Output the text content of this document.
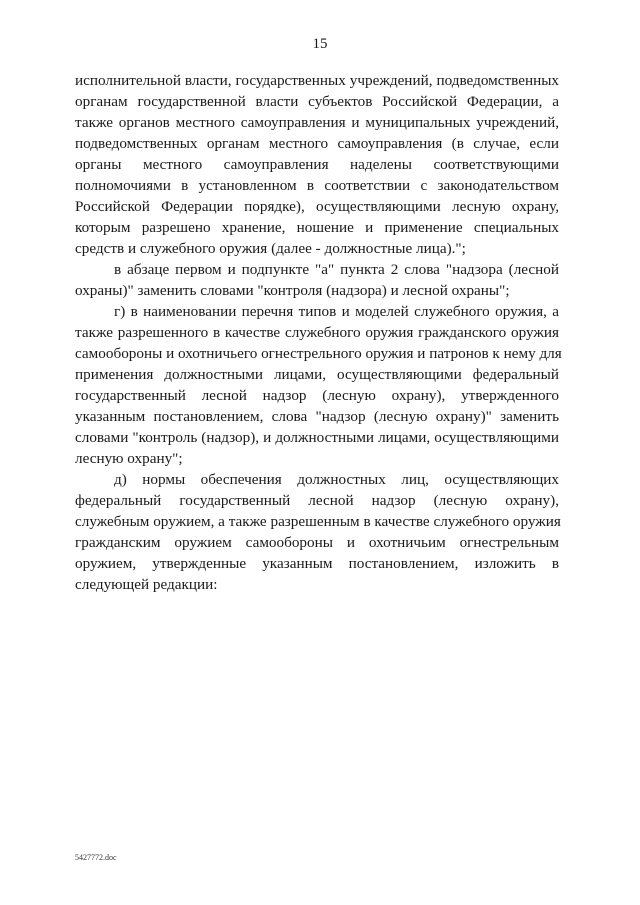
15
исполнительной власти, государственных учреждений, подведомственных
органам государственной власти субъектов Российской Федерации, а
также органов местного самоуправления и муниципальных учреждений,
подведомственных органам местного самоуправления (в случае, если
органы местного самоуправления наделены соответствующими
полномочиями в установленном в соответствии с законодательством
Российской Федерации порядке), осуществляющими лесную охрану,
которым разрешено хранение, ношение и применение специальных
средств и служебного оружия (далее - должностные лица).";
в абзаце первом и подпункте "а" пункта 2 слова "надзора (лесной
охраны)" заменить словами "контроля (надзора) и лесной охраны";
г) в наименовании перечня типов и моделей служебного оружия, а
также разрешенного в качестве служебного оружия гражданского оружия
самообороны и охотничьего огнестрельного оружия и патронов к нему для
применения должностными лицами, осуществляющими федеральный
государственный лесной надзор (лесную охрану), утвержденного
указанным постановлением, слова "надзор (лесную охрану)" заменить
словами "контроль (надзор), и должностными лицами, осуществляющими
лесную охрану";
д) нормы обеспечения должностных лиц, осуществляющих
федеральный государственный лесной надзор (лесную охрану),
служебным оружием, а также разрешенным в качестве служебного оружия
гражданским оружием самообороны и охотничьим огнестрельным
оружием, утвержденные указанным постановлением, изложить в
следующей редакции:
5427772.doc
